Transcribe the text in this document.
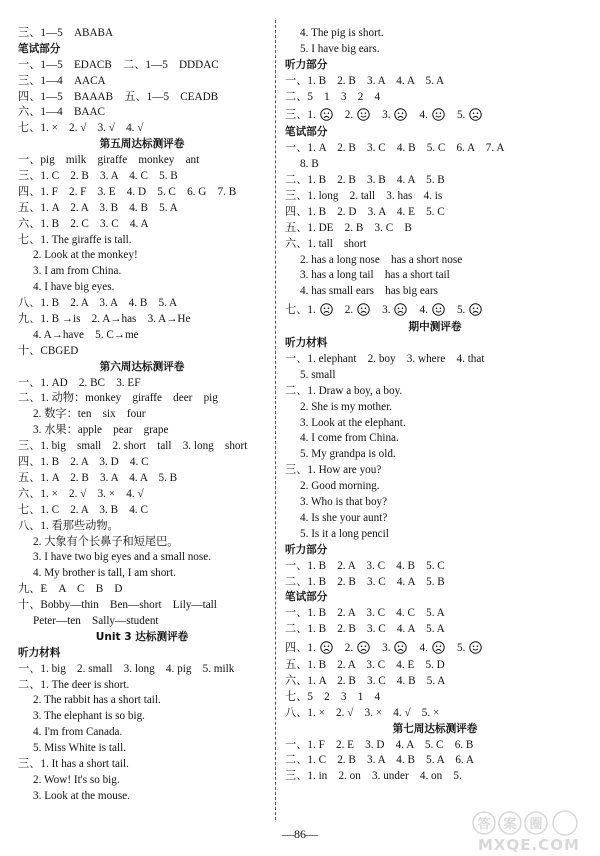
三、1—5　ABABA
笔试部分
一、1—5　EDACB　二、1—5　DDDAC
三、1—4　AACA
四、1—5　BAAAB　五、1—5　CEADB
六、1—4　BAAC
七、1. ×　2. √　3. √　4. √
第五周达标测评卷
一、pig　milk　giraffe　monkey　ant
三、1. C　2. B　3. A　4. C　5. B
四、1. F　2. F　3. E　4. D　5. C　6. G　7. B
五、1. A　2. A　3. B　4. B　5. A
六、1. B　2. C　3. C　4. A
七、1. The giraffe is tall.
2. Look at the monkey!
3. I am from China.
4. I have big eyes.
八、1. B　2. A　3. A　4. B　5. A
九、1. B →is　2. A→has　3. A→He
4. A→have　5. C→me
十、CBGED
第六周达标测评卷
一、1. AD　2. BC　3. EF
二、1. 动物：monkey　giraffe　deer　pig
2. 数字：ten　six　four
3. 水果：apple　pear　grape
三、1. big　small　2. short　tall　3. long　short
四、1. B　2. A　3. D　4. C
五、1. A　2. B　3. A　4. A　5. B
六、1. ×　2. √　3. ×　4. √
七、1. C　2. A　3. B　4. C
八、1. 看那些动物。
2. 大象有个长鼻子和短尾巴。
3. I have two big eyes and a small nose.
4. My brother is tall, I am short.
九、E　A　C　B　D
十、Bobby—thin　Ben—short　Lily—tall
Peter—ten　Sally—student
Unit 3 达标测评卷
听力材料
一、1. big　2. small　3. long　4. pig　5. milk
二、1. The deer is short.
2. The rabbit has a short tail.
3. The elephant is so big.
4. I'm from Canada.
5. Miss White is tall.
三、1. It has a short tail.
2. Wow! It's so big.
3. Look at the mouse.
4. The pig is short.
5. I have big ears.
听力部分
一、1. B　2. B　3. A　4. A　5. A
二、5　1　3　2　4
三、1. 　2. 　3. 　4. 　5.
笔试部分
一、1. A　2. B　3. C　4. B　5. C　6. A　7. A
8. B
二、1. B　2. B　3. B　4. A　5. B
三、1. long　2. tall　3. has　4. is
四、1. B　2. D　3. A　4. E　5. C
五、1. DE　2. B　3. C　B
六、1. tall　short
2. has a long nose　has a short nose
3. has a long tail　has a short tail
4. has small ears　has big ears
七、1. 　2. 　3. 　4. 　5.
期中测评卷
听力材料
一、1. elephant　2. boy　3. where　4. that
5. small
二、1. Draw a boy, a boy.
2. She is my mother.
3. Look at the elephant.
4. I come from China.
5. My grandpa is old.
三、1. How are you?
2. Good morning.
3. Who is that boy?
4. Is she your aunt?
5. Is it a long pencil
听力部分
一、1. B　2. A　3. C　4. B　5. C
二、1. B　2. B　3. C　4. A　5. B
笔试部分
一、1. B　2. A　3. C　4. C　5. A
二、1. B　2. B　3. C　4. A　5. A
四、1. 　2. 　3. 　4. 　5.
五、1. B　2. A　3. C　4. E　5. D
六、1. A　2. B　3. C　4. B　5. A
七、5　2　3　1　4
八、1. ×　2. √　3. ×　4. √　5. ×
第七周达标测评卷
一、1. F　2. E　3. D　4. A　5. C　6. B
二、1. C　2. B　3. A　4. B　5. A　6. A
三、1. in　2. on　3. under　4. on　5.
—86—
答 案 圈
MXQE.COM
